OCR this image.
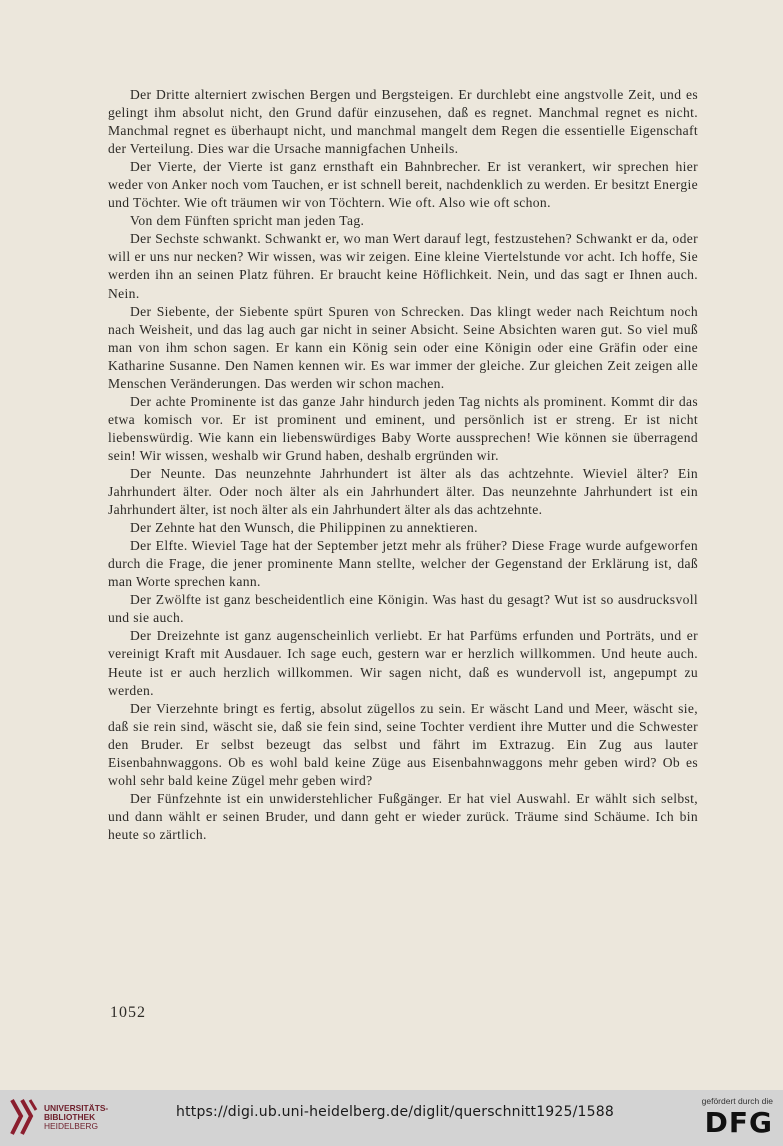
Der Dritte alterniert zwischen Bergen und Bergsteigen. Er durchlebt eine angstvolle Zeit, und es gelingt ihm absolut nicht, den Grund dafür einzusehen, daß es regnet. Manchmal regnet es nicht. Manchmal regnet es überhaupt nicht, und manchmal mangelt dem Regen die essentielle Eigenschaft der Verteilung. Dies war die Ursache mannigfachen Unheils.

Der Vierte, der Vierte ist ganz ernsthaft ein Bahnbrecher. Er ist verankert, wir sprechen hier weder von Anker noch vom Tauchen, er ist schnell bereit, nachdenklich zu werden. Er besitzt Energie und Töchter. Wie oft träumen wir von Töchtern. Wie oft. Also wie oft schon.

Von dem Fünften spricht man jeden Tag.

Der Sechste schwankt. Schwankt er, wo man Wert darauf legt, festzustehen? Schwankt er da, oder will er uns nur necken? Wir wissen, was wir zeigen. Eine kleine Viertelstunde vor acht. Ich hoffe, Sie werden ihn an seinen Platz führen. Er braucht keine Höflichkeit. Nein, und das sagt er Ihnen auch. Nein.

Der Siebente, der Siebente spürt Spuren von Schrecken. Das klingt weder nach Reichtum noch nach Weisheit, und das lag auch gar nicht in seiner Absicht. Seine Absichten waren gut. So viel muß man von ihm schon sagen. Er kann ein König sein oder eine Königin oder eine Gräfin oder eine Katharine Susanne. Den Namen kennen wir. Es war immer der gleiche. Zur gleichen Zeit zeigen alle Menschen Veränderungen. Das werden wir schon machen.

Der achte Prominente ist das ganze Jahr hindurch jeden Tag nichts als prominent. Kommt dir das etwa komisch vor. Er ist prominent und eminent, und persönlich ist er streng. Er ist nicht liebenswürdig. Wie kann ein liebenswürdiges Baby Worte aussprechen! Wie können sie überragend sein! Wir wissen, weshalb wir Grund haben, deshalb ergründen wir.

Der Neunte. Das neunzehnte Jahrhundert ist älter als das achtzehnte. Wieviel älter? Ein Jahrhundert älter. Oder noch älter als ein Jahrhundert älter. Das neunzehnte Jahrhundert ist ein Jahrhundert älter, ist noch älter als ein Jahrhundert älter als das achtzehnte.

Der Zehnte hat den Wunsch, die Philippinen zu annektieren.

Der Elfte. Wieviel Tage hat der September jetzt mehr als früher? Diese Frage wurde aufgeworfen durch die Frage, die jener prominente Mann stellte, welcher der Gegenstand der Erklärung ist, daß man Worte sprechen kann.

Der Zwölfte ist ganz bescheidentlich eine Königin. Was hast du gesagt? Wut ist so ausdrucksvoll und sie auch.

Der Dreizehnte ist ganz augenscheinlich verliebt. Er hat Parfüms erfunden und Porträts, und er vereinigt Kraft mit Ausdauer. Ich sage euch, gestern war er herzlich willkommen. Und heute auch. Heute ist er auch herzlich willkommen. Wir sagen nicht, daß es wundervoll ist, angepumpt zu werden.

Der Vierzehnte bringt es fertig, absolut zügellos zu sein. Er wäscht Land und Meer, wäscht sie, daß sie rein sind, wäscht sie, daß sie fein sind, seine Tochter verdient ihre Mutter und die Schwester den Bruder. Er selbst bezeugt das selbst und fährt im Extrazug. Ein Zug aus lauter Eisenbahnwaggons. Ob es wohl bald keine Züge aus Eisenbahnwaggons mehr geben wird? Ob es wohl sehr bald keine Zügel mehr geben wird?

Der Fünfzehnte ist ein unwiderstehlicher Fußgänger. Er hat viel Auswahl. Er wählt sich selbst, und dann wählt er seinen Bruder, und dann geht er wieder zurück. Träume sind Schäume. Ich bin heute so zärtlich.

1052
UNIVERSITÄTS-
BIBLIOTHEK
HEIDELBERG
https://digi.ub.uni-heidelberg.de/diglit/querschnitt1925/1588
gefördert durch die
DFG
